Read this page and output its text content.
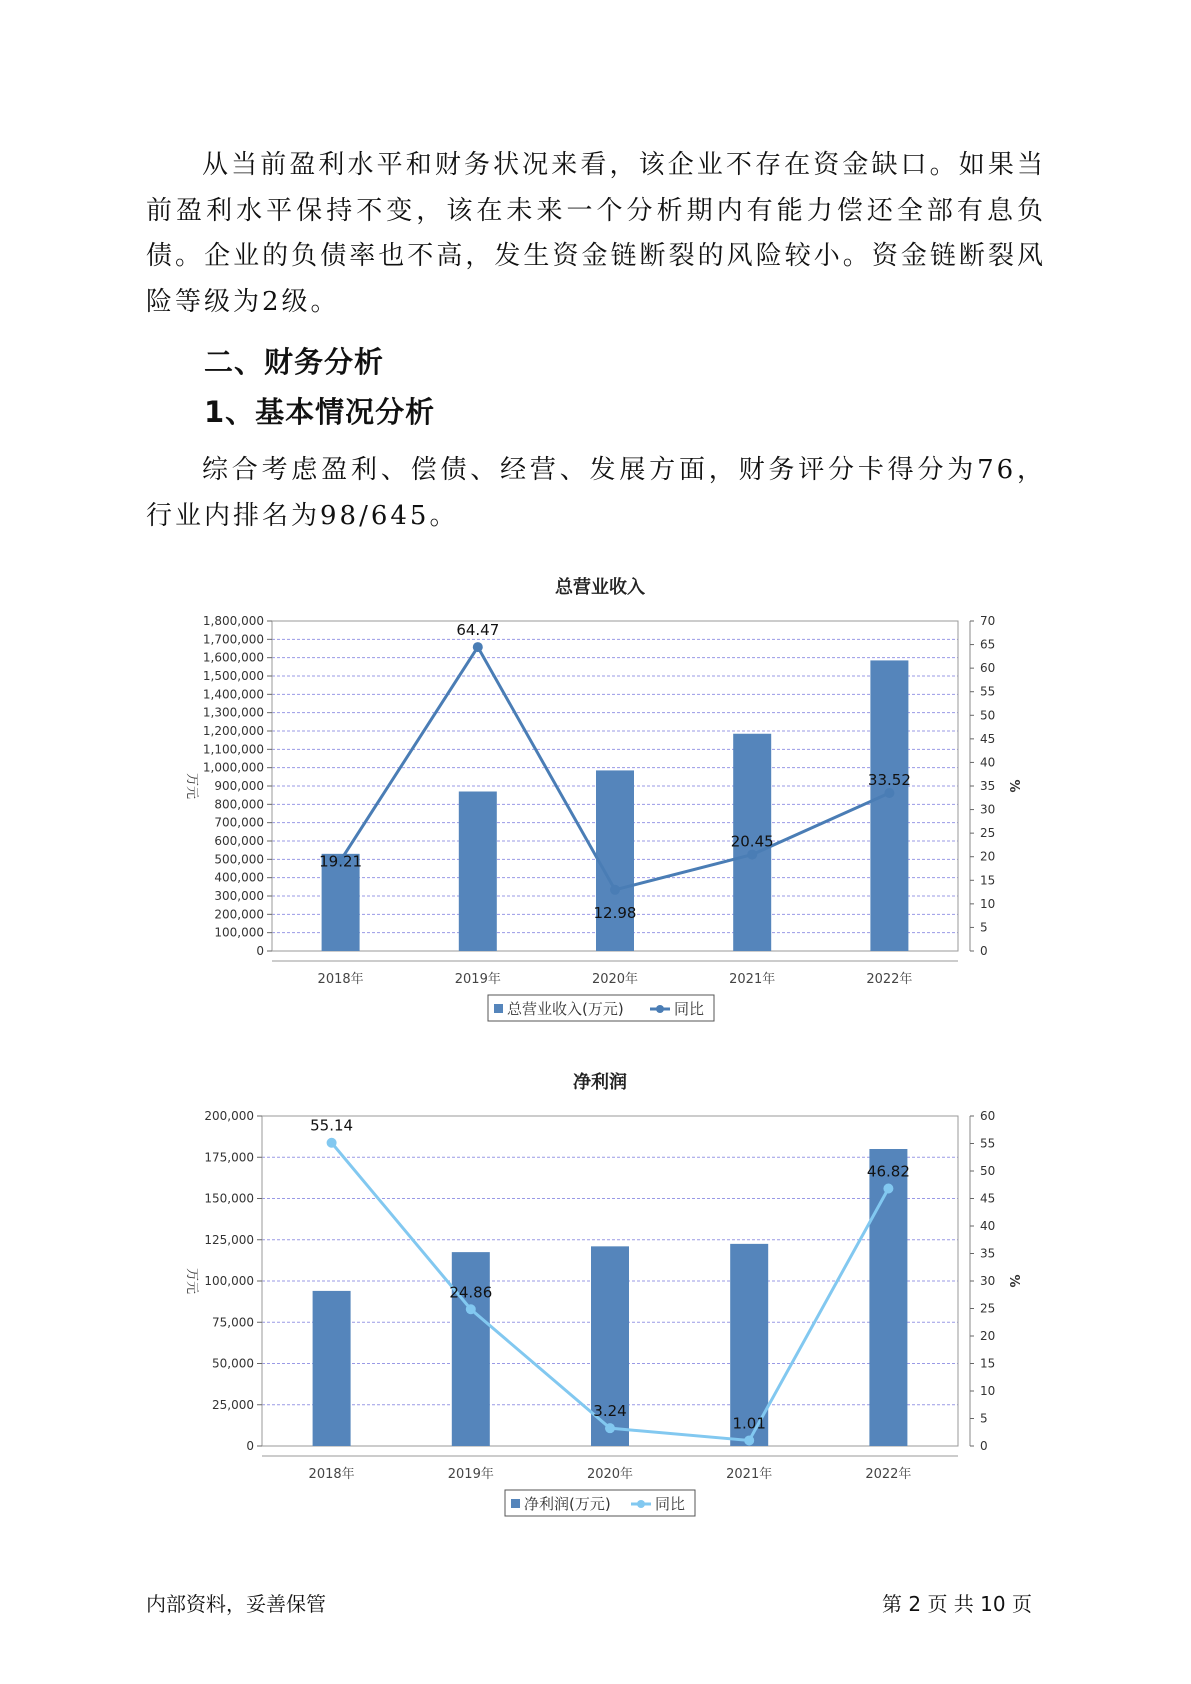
从当前盈利水平和财务状况来看，该企业不存在资金缺口。如果当前盈利水平保持不变，该在未来一个分析期内有能力偿还全部有息负债。企业的负债率也不高，发生资金链断裂的风险较小。资金链断裂风险等级为2级。

二、财务分析
1、基本情况分析

综合考虑盈利、偿债、经营、发展方面，财务评分卡得分为76，行业内排名为98/645。

总营业收入
0
100,000
200,000
300,000
400,000
500,000
600,000
700,000
800,000
900,000
1,000,000
1,100,000
1,200,000
1,300,000
1,400,000
1,500,000
1,600,000
1,700,000
1,800,000
0
5
10
15
20
25
30
35
40
45
50
55
60
65
70
万元	%
2018年	2019年	2020年	2021年	2022年
19.21
64.47
12.98
20.45
33.52
总营业收入(万元)	同比
净利润
0
25,000
50,000
75,000
100,000
125,000
150,000
175,000
200,000
0
5
10
15
20
25
30
35
40
45
50
55
60
万元	%
2018年	2019年	2020年	2021年	2022年
55.14
24.86
3.24
1.01
46.82
净利润(万元)	同比
内部资料，妥善保管	第 2 页 共 10 页
